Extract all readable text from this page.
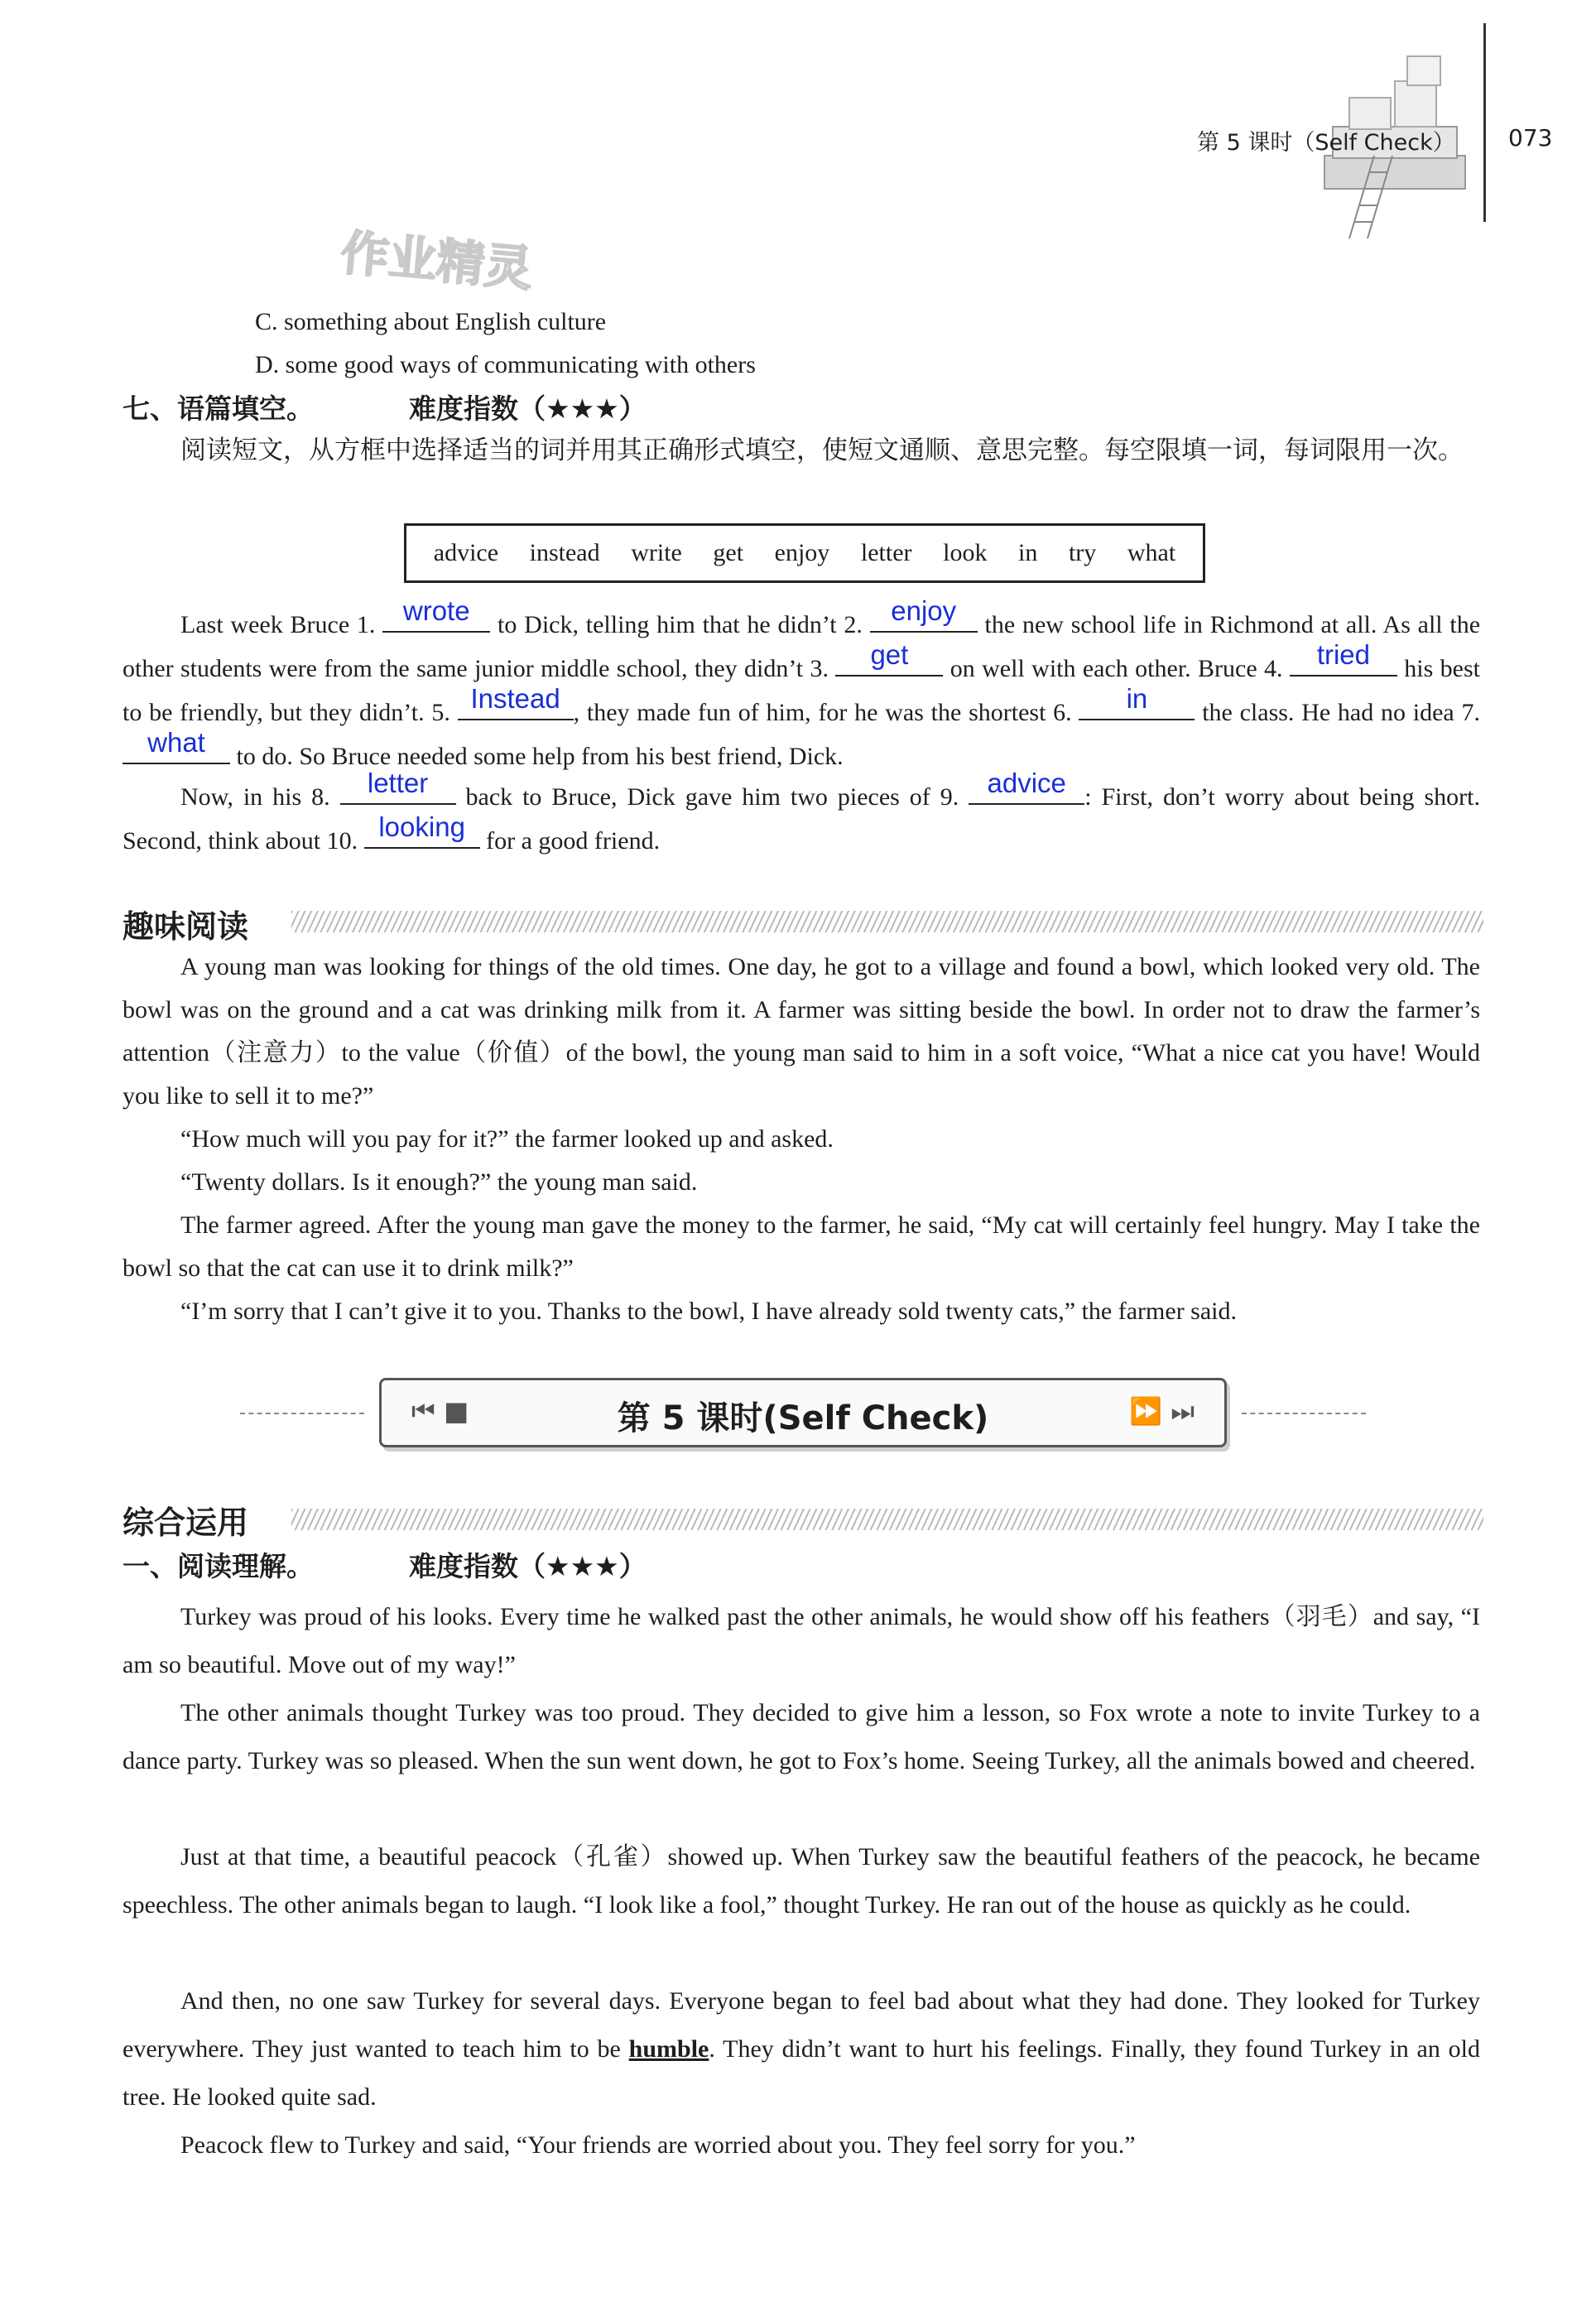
第 5 课时（Self Check） 073
作业精灵
C. something about English culture
D. some good ways of communicating with others
七、语篇填空。	难度指数（★★★）
阅读短文，从方框中选择适当的词并用其正确形式填空，使短文通顺、意思完整。每空限填一词，每词限用一次。
advice instead write get enjoy letter look in try what
Last week Bruce 1.	wrote	to Dick, telling him that he didn’t 2.	enjoy	the new school life in Richmond at all. As all the other students were from the same junior middle school, they didn’t 3.	get	on well with each other. Bruce 4.	tried	his best to be friendly, but they didn’t. 5. Instead , they made fun of him, for he was the shortest 6.	in	the class. He had no idea 7.
what	to do. So Bruce needed some help from his best friend, Dick.
Now, in his 8.	letter	back to Bruce, Dick gave him two pieces of 9.	advice : First, don’t worry about being short. Second, think about 10. looking for a good friend.
趣味阅读
A young man was looking for things of the old times. One day, he got to a village and found a bowl, which looked very old. The bowl was on the ground and a cat was drinking milk from it. A farmer was sitting beside the bowl. In order not to draw the farmer’s attention（注意力）to the value（价值）of the bowl, the young man said to him in a soft voice, “What a nice cat you have! Would you like to sell it to me?”
“How much will you pay for it?” the farmer looked up and asked.
“Twenty dollars. Is it enough?” the young man said.
The farmer agreed. After the young man gave the money to the farmer, he said, “My cat will certainly feel hungry. May I take the bowl so that the cat can use it to drink milk?”
“I’m sorry that I can’t give it to you. Thanks to the bowl, I have already sold twenty cats,” the farmer said.
⏮ ■	第 5 课时(Self Check)	⏩ ⏭
综合运用
一、阅读理解。	难度指数（★★★）
Turkey was proud of his looks. Every time he walked past the other animals, he would show off his feathers（羽毛）and say, “I am so beautiful. Move out of my way!”
The other animals thought Turkey was too proud. They decided to give him a lesson, so Fox wrote a note to invite Turkey to a dance party. Turkey was so pleased. When the sun went down, he got to Fox’s home. Seeing Turkey, all the animals bowed and cheered.
Just at that time, a beautiful peacock（孔雀）showed up. When Turkey saw the beautiful feathers of the peacock, he became speechless. The other animals began to laugh. “I look like a fool,” thought Turkey. He ran out of the house as quickly as he could.
And then, no one saw Turkey for several days. Everyone began to feel bad about what they had done. They looked for Turkey everywhere. They just wanted to teach him to be humble. They didn’t want to hurt his feelings. Finally, they found Turkey in an old tree. He looked quite sad.
Peacock flew to Turkey and said, “Your friends are worried about you. They feel sorry for you.”
